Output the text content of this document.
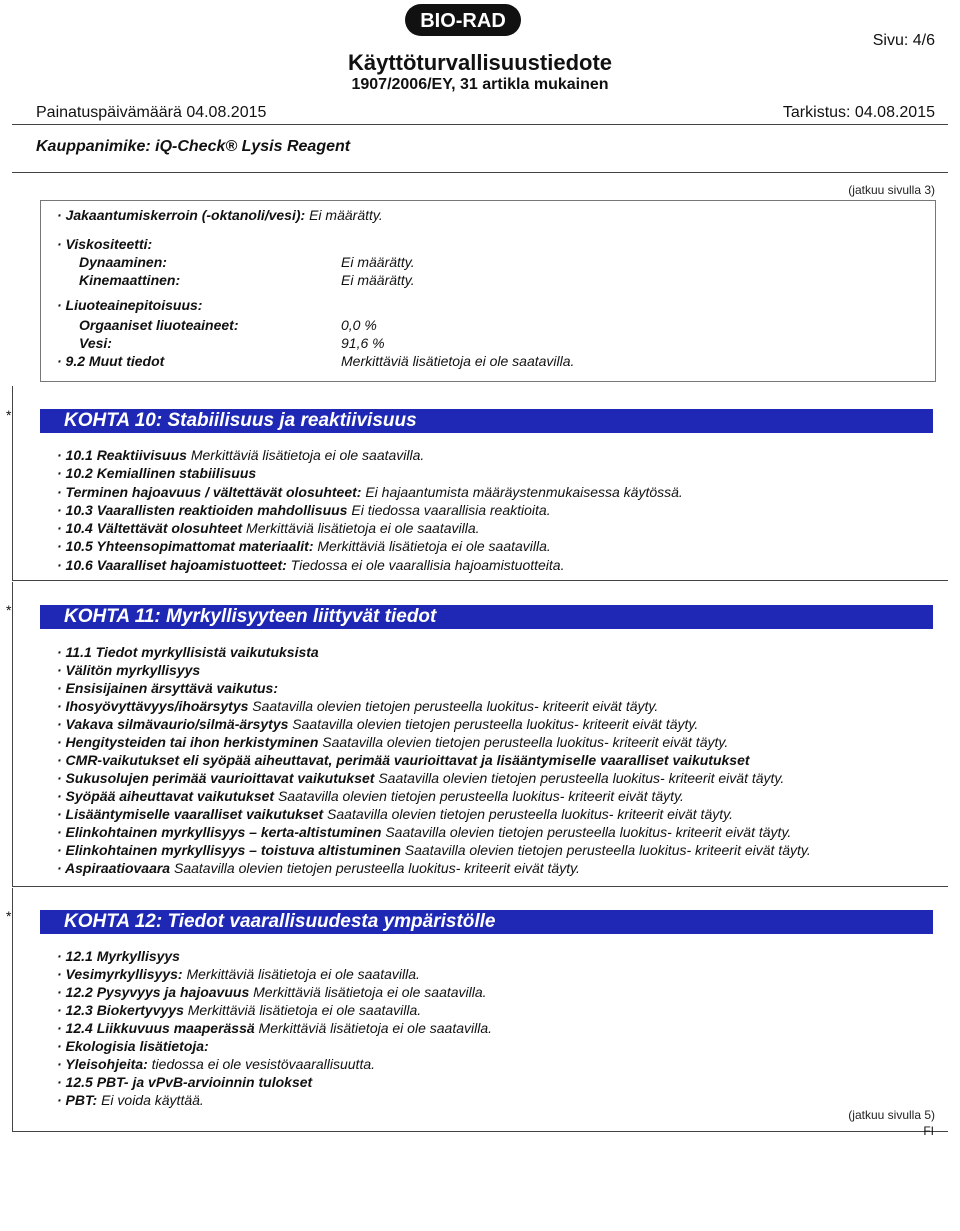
BIO-RAD
Sivu: 4/6
Käyttöturvallisuustiedote
1907/2006/EY, 31 artikla mukainen
Painatuspäivämäärä 04.08.2015	Tarkistus: 04.08.2015
Kauppanimike: iQ-Check® Lysis Reagent
(jatkuu sivulla 3)
· Jakaantumiskerroin (-oktanoli/vesi): Ei määrätty.
· Viskositeetti:
Dynaaminen:	Ei määrätty.
Kinemaattinen:	Ei määrätty.
· Liuoteainepitoisuus:
Orgaaniset liuoteaineet:	0,0 %
Vesi:	91,6 %
· 9.2 Muut tiedot	Merkittäviä lisätietoja ei ole saatavilla.
*	KOHTA 10: Stabiilisuus ja reaktiivisuus
· 10.1 Reaktiivisuus Merkittäviä lisätietoja ei ole saatavilla.
· 10.2 Kemiallinen stabiilisuus
· Terminen hajoavuus / vältettävät olosuhteet: Ei hajaantumista määräystenmukaisessa käytössä.
· 10.3 Vaarallisten reaktioiden mahdollisuus Ei tiedossa vaarallisia reaktioita.
· 10.4 Vältettävät olosuhteet Merkittäviä lisätietoja ei ole saatavilla.
· 10.5 Yhteensopimattomat materiaalit: Merkittäviä lisätietoja ei ole saatavilla.
· 10.6 Vaaralliset hajoamistuotteet: Tiedossa ei ole vaarallisia hajoamistuotteita.
*	KOHTA 11: Myrkyllisyyteen liittyvät tiedot
· 11.1 Tiedot myrkyllisistä vaikutuksista
· Välitön myrkyllisyys
· Ensisijainen ärsyttävä vaikutus:
· Ihosyövyttävyys/ihoärsytys Saatavilla olevien tietojen perusteella luokitus- kriteerit eivät täyty.
· Vakava silmävaurio/silmä-ärsytys Saatavilla olevien tietojen perusteella luokitus- kriteerit eivät täyty.
· Hengitysteiden tai ihon herkistyminen Saatavilla olevien tietojen perusteella luokitus- kriteerit eivät täyty.
· CMR-vaikutukset eli syöpää aiheuttavat, perimää vaurioittavat ja lisääntymiselle vaaralliset vaikutukset
· Sukusolujen perimää vaurioittavat vaikutukset Saatavilla olevien tietojen perusteella luokitus- kriteerit eivät täyty.
· Syöpää aiheuttavat vaikutukset Saatavilla olevien tietojen perusteella luokitus- kriteerit eivät täyty.
· Lisääntymiselle vaaralliset vaikutukset Saatavilla olevien tietojen perusteella luokitus- kriteerit eivät täyty.
· Elinkohtainen myrkyllisyys – kerta-altistuminen Saatavilla olevien tietojen perusteella luokitus- kriteerit eivät täyty.
· Elinkohtainen myrkyllisyys – toistuva altistuminen Saatavilla olevien tietojen perusteella luokitus- kriteerit eivät täyty.
· Aspiraatiovaara Saatavilla olevien tietojen perusteella luokitus- kriteerit eivät täyty.
*	KOHTA 12: Tiedot vaarallisuudesta ympäristölle
· 12.1 Myrkyllisyys
· Vesimyrkyllisyys: Merkittäviä lisätietoja ei ole saatavilla.
· 12.2 Pysyvyys ja hajoavuus Merkittäviä lisätietoja ei ole saatavilla.
· 12.3 Biokertyvyys Merkittäviä lisätietoja ei ole saatavilla.
· 12.4 Liikkuvuus maaperässä Merkittäviä lisätietoja ei ole saatavilla.
· Ekologisia lisätietoja:
· Yleisohjeita: tiedossa ei ole vesistövaarallisuutta.
· 12.5 PBT- ja vPvB-arvioinnin tulokset
· PBT: Ei voida käyttää.
(jatkuu sivulla 5)
FI
